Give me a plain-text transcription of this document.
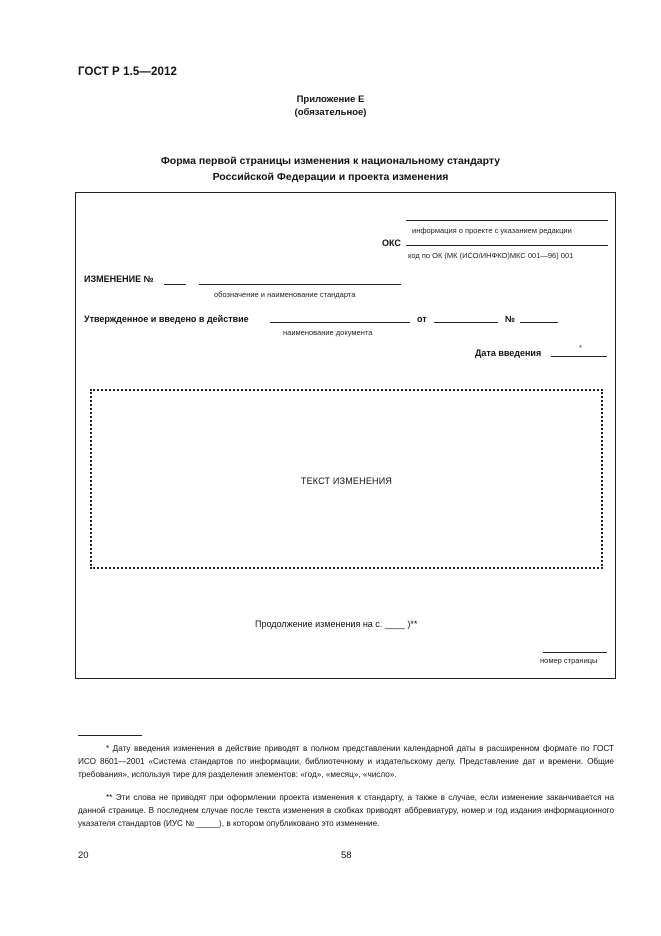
ГОСТ Р 1.5—2012
Приложение Е
(обязательное)
Форма первой страницы изменения к национальному стандарту
Российской Федерации и проекта изменения
информация о проекте с указанием редакции
ОКС
код по ОК (МК (ИСО/ИНФКО)МКС 001—96) 001
ИЗМЕНЕНИЕ №
обозначение и наименование стандарта
Утвержденное и введено в действие
наименование документа
от	№
Дата введения
*
ТЕКСТ ИЗМЕНЕНИЯ
Продолжение изменения на с. ____ )**
номер страницы
* Дату введения изменения в действие приводят в полном представлении календарной даты в расширенном формате по ГОСТ ИСО 8601—2001 «Система стандартов по информации, библиотечному и издательскому делу. Представление дат и времени. Общие требования», используя тире для разделения элементов: «год», «месяц», «число».
** Эти слова не приводят при оформлении проекта изменения к стандарту, а также в случае, если изменение заканчивается на данной странице. В последнем случае после текста изменения в скобках приводят аббревиатуру, номер и год издания информационного указателя стандартов (ИУС № _____), в котором опубликовано это изменение.
20	58
